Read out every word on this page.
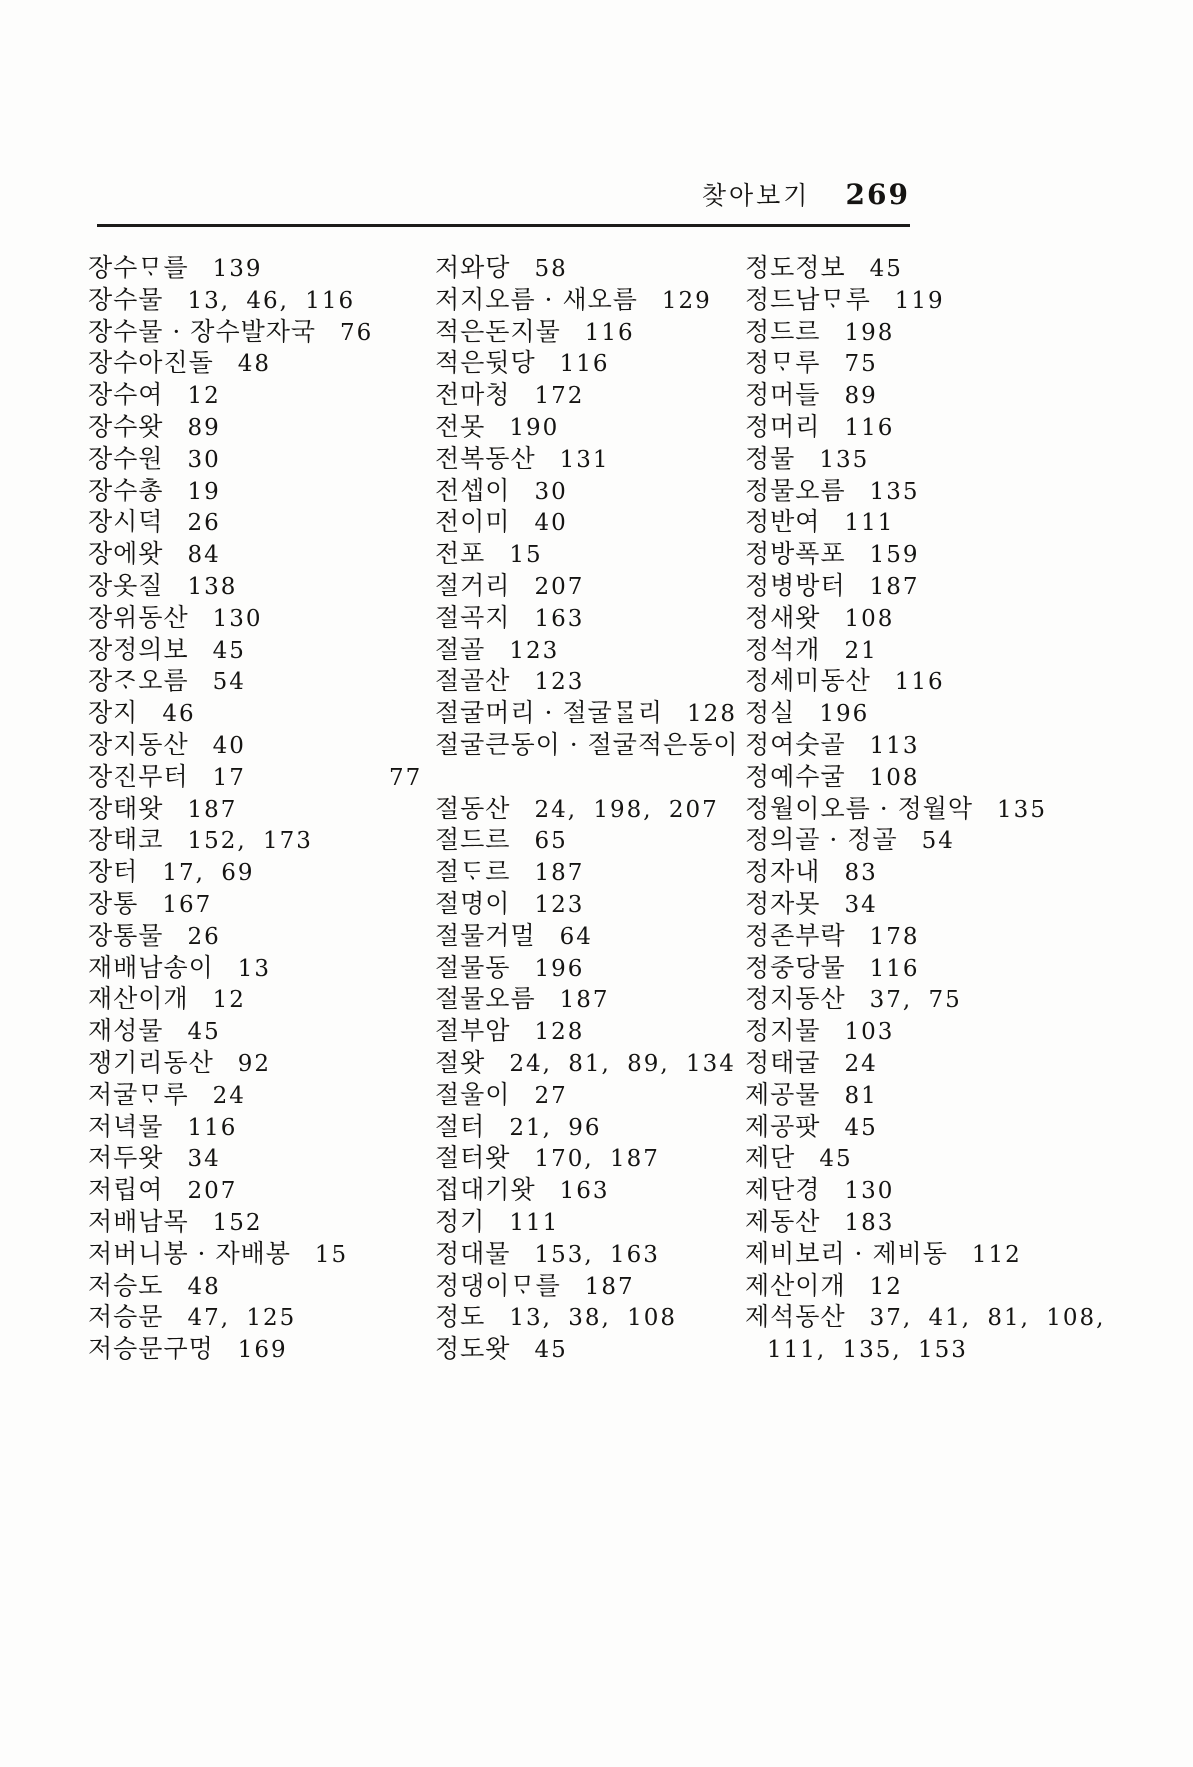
찾아보기 269
장수ᄆᆞ를 139
장수물 13, 46, 116
장수물 · 장수발자국 76
장수아진돌 48
장수여 12
장수왓 89
장수원 30
장수총 19
장시덕 26
장에왓 84
장옷질 138
장위동산 130
장정의보 45
장ᄌᆞ오름 54
장지 46
장지동산 40
장진무터 17
장태왓 187
장태코 152, 173
장터 17, 69
장통 167
장통물 26
재배남송이 13
재산이개 12
재성물 45
쟁기리동산 92
저굴ᄆᆞ루 24
저녁물 116
저두왓 34
저립여 207
저배남목 152
저버니봉 · 자배봉 15
저승도 48
저승문 47, 125
저승문구멍 169
저와당 58
저지오름 · 새오름 129
적은돈지물 116
적은뒷당 116
전마청 172
전못 190
전복동산 131
전셉이 30
전이미 40
전포 15
절거리 207
절곡지 163
절골 123
절골산 123
절굴머리 · 절굴ᄆᆞᆯ리 128
절굴큰동이 · 절굴적은동이
77
절동산 24, 198, 207
절드르 65
절ᄃᆞ르 187
절명이 123
절물거멀 64
절물동 196
절물오름 187
절부암 128
절왓 24, 81, 89, 134
절울이 27
절터 21, 96
절터왓 170, 187
접대기왓 163
정기 111
정대물 153, 163
정댕이ᄆᆞ를 187
정도 13, 38, 108
정도왓 45
정도정보 45
정드남ᄆᆞ루 119
정드르 198
정ᄆᆞ루 75
정머들 89
정머리 116
정물 135
정물오름 135
정반여 111
정방폭포 159
정병방터 187
정새왓 108
정석개 21
정세미동산 116
정실 196
정여숫골 113
정예수굴 108
정월이오름 · 정월악 135
정의골 · 정골 54
정자내 83
정자못 34
정존부락 178
정중당물 116
정지동산 37, 75
정지물 103
정태굴 24
제공물 81
제공팟 45
제단 45
제단경 130
제동산 183
제비보리 · 제비동 112
제산이개 12
제석동산 37, 41, 81, 108,
111, 135, 153
